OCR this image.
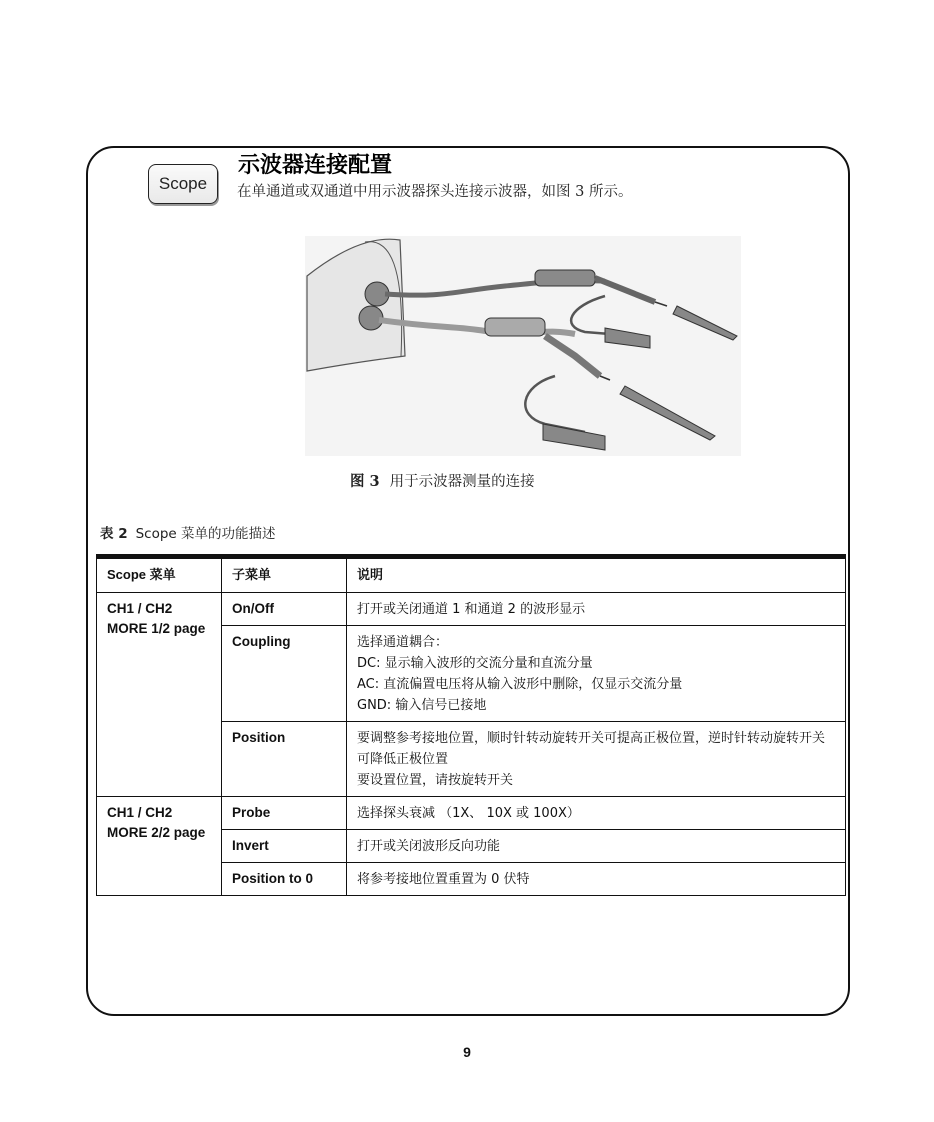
Scope
示波器连接配置
在单通道或双通道中用示波器探头连接示波器，如图 3 所示。
图 3 用于示波器测量的连接
表 2 Scope 菜单的功能描述
Scope 菜单	子菜单	说明

CH1 / CH2
MORE 1/2 page	On/Off	打开或关闭通道 1 和通道 2 的波形显示

	Coupling	选择通道耦合：
DC: 显示输入波形的交流分量和直流分量
AC: 直流偏置电压将从输入波形中删除，仅显示交流分量
GND: 输入信号已接地

	Position	要调整参考接地位置，顺时针转动旋转开关可提高正极位置，逆时针转动旋转开关可降低正极位置
要设置位置，请按旋转开关

CH1 / CH2
MORE 2/2 page	Probe	选择探头衰减 （1X、 10X 或 100X）

	Invert	打开或关闭波形反向功能

	Position to 0	将参考接地位置重置为 0 伏特
9
